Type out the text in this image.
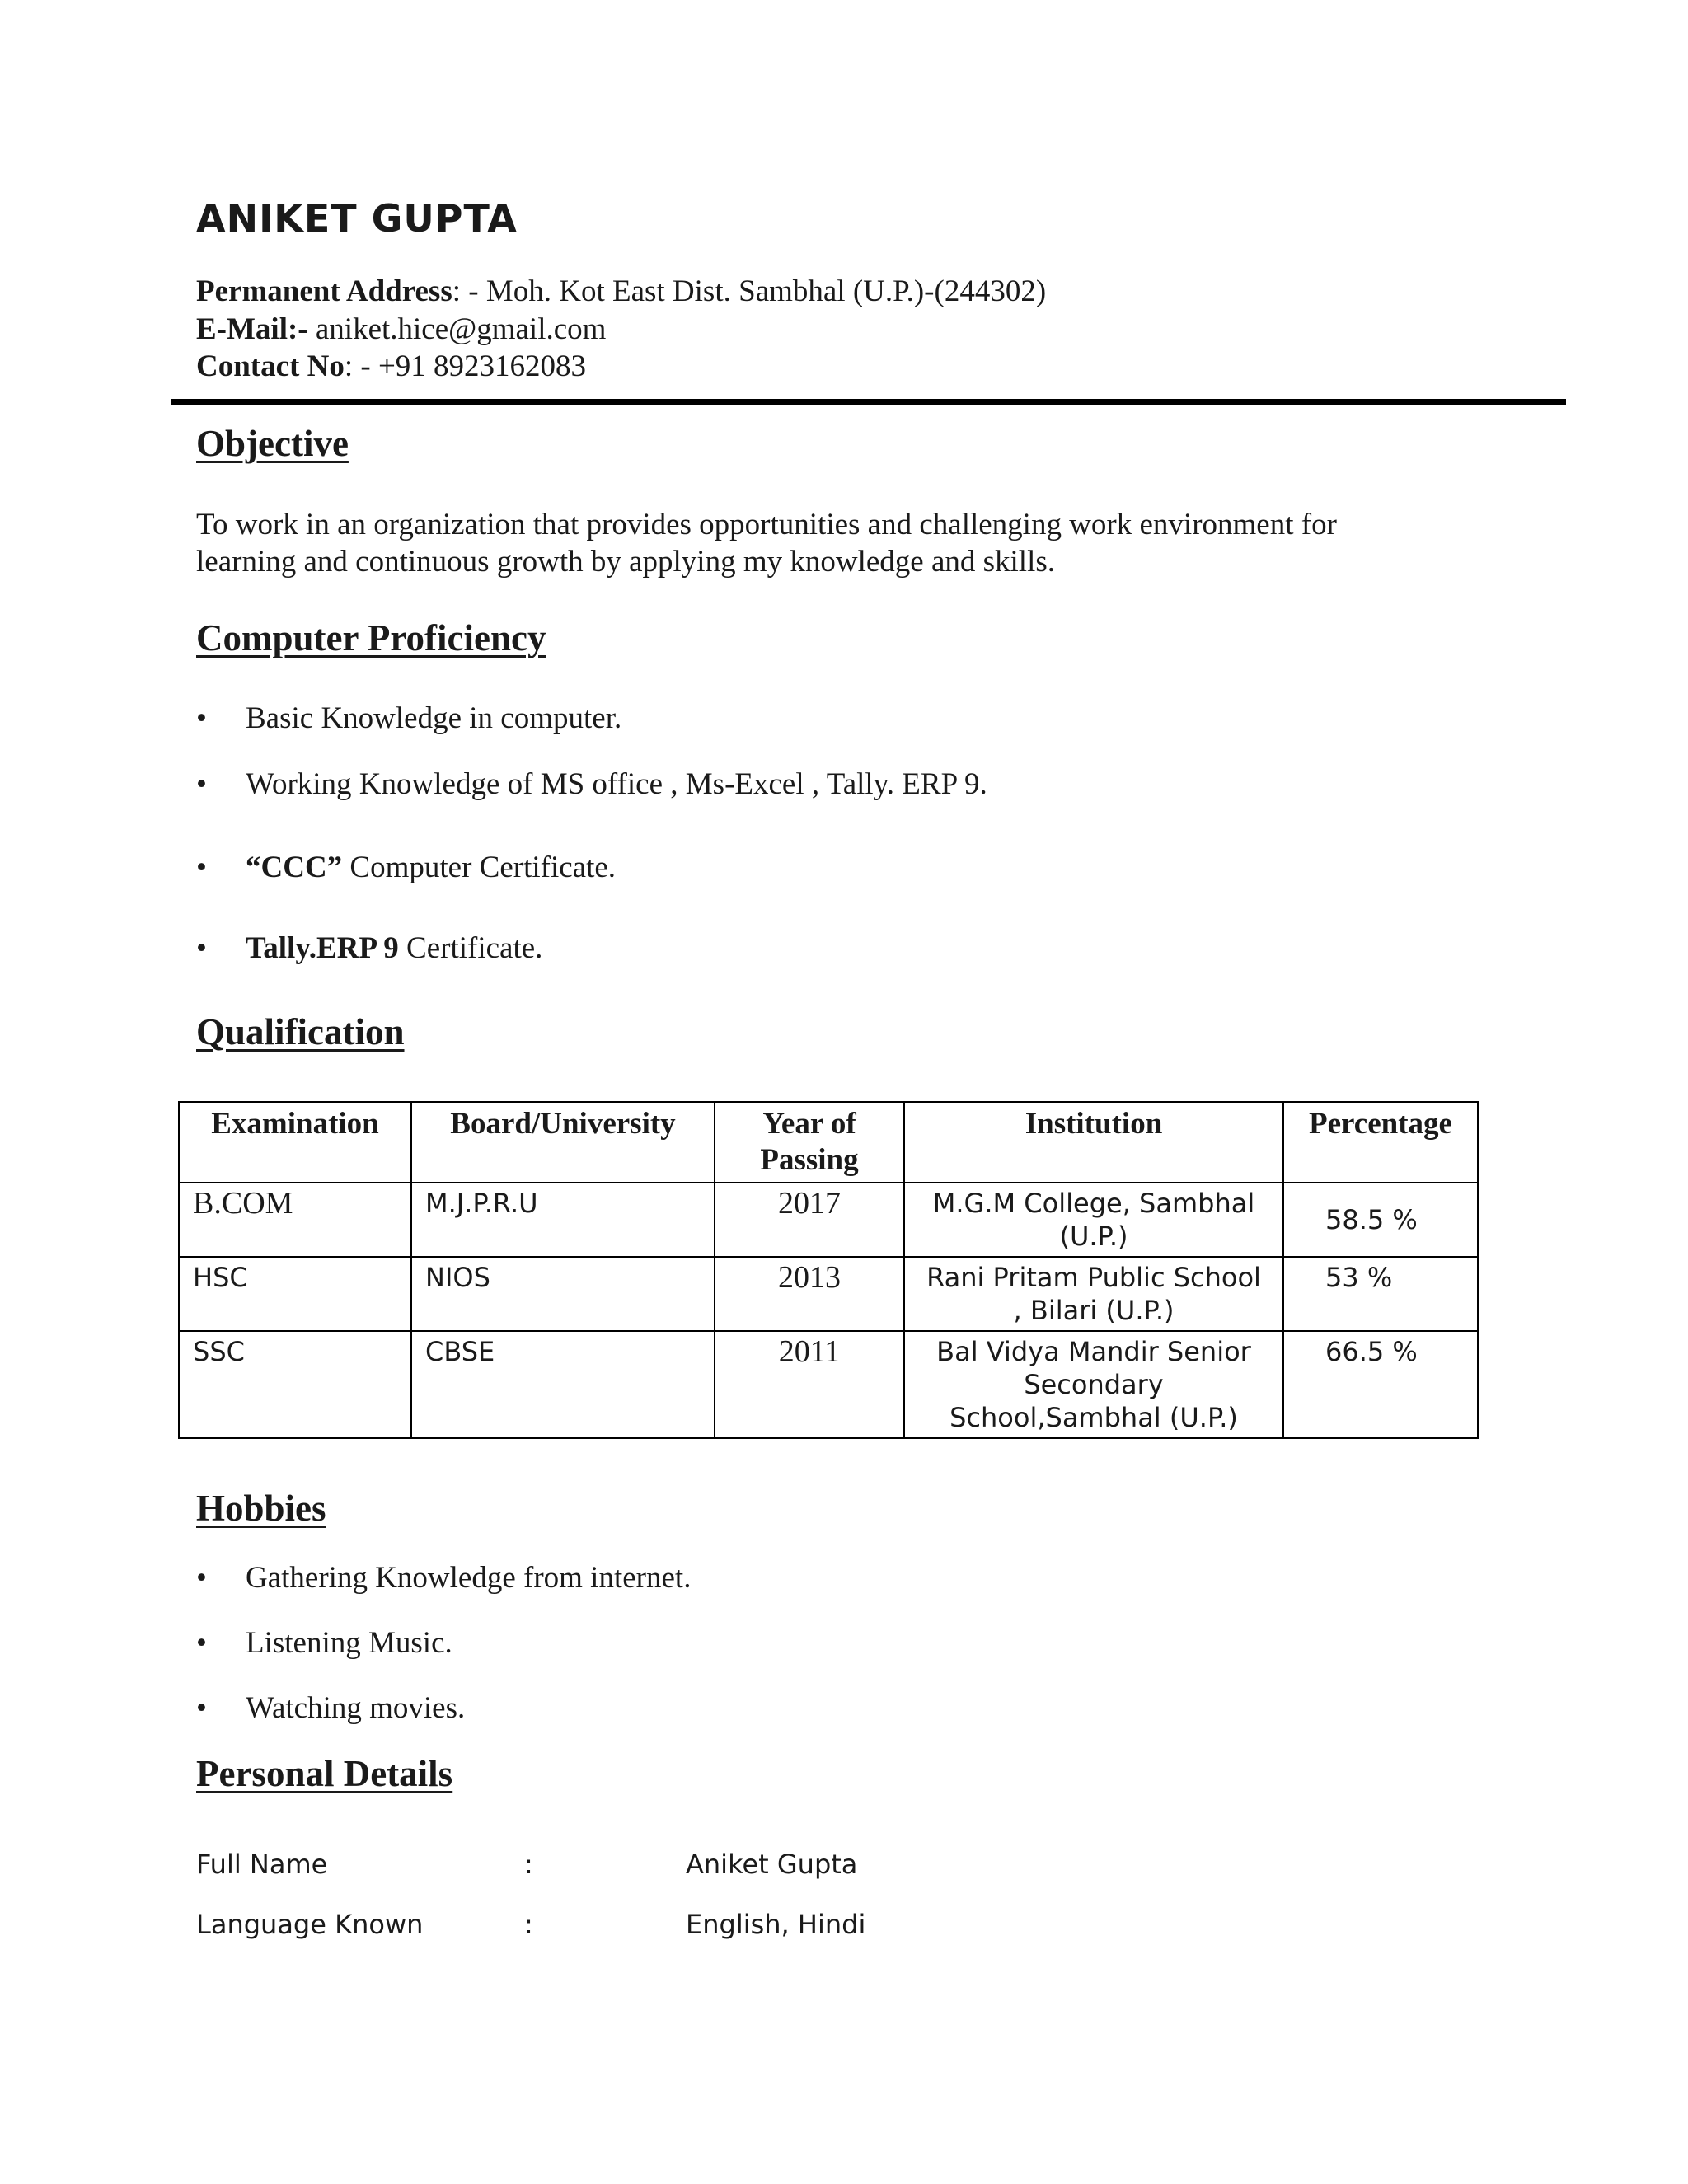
ANIKET GUPTA
Permanent Address: - Moh. Kot East Dist. Sambhal (U.P.)-(244302)
E-Mail:- aniket.hice@gmail.com
Contact No: - +91 8923162083
Objective
To work in an organization that provides opportunities and challenging work environment for
learning and continuous growth by applying my knowledge and skills.
Computer Proficiency
• Basic Knowledge in computer.
• Working Knowledge of MS office , Ms-Excel , Tally. ERP 9.
• “CCC” Computer Certificate.
• Tally.ERP 9 Certificate.
Qualification
Examination	Board/University	Year of Passing	Institution	Percentage
B.COM	M.J.P.R.U	2017	M.G.M College, Sambhal (U.P.)	58.5 %
HSC	NIOS	2013	Rani Pritam Public School , Bilari (U.P.)	53 %
SSC	CBSE	2011	Bal Vidya Mandir Senior Secondary School,Sambhal (U.P.)	66.5 %
Hobbies
• Gathering Knowledge from internet.
• Listening Music.
• Watching movies.
Personal Details
Full Name	:	Aniket Gupta
Language Known	:	English, Hindi
